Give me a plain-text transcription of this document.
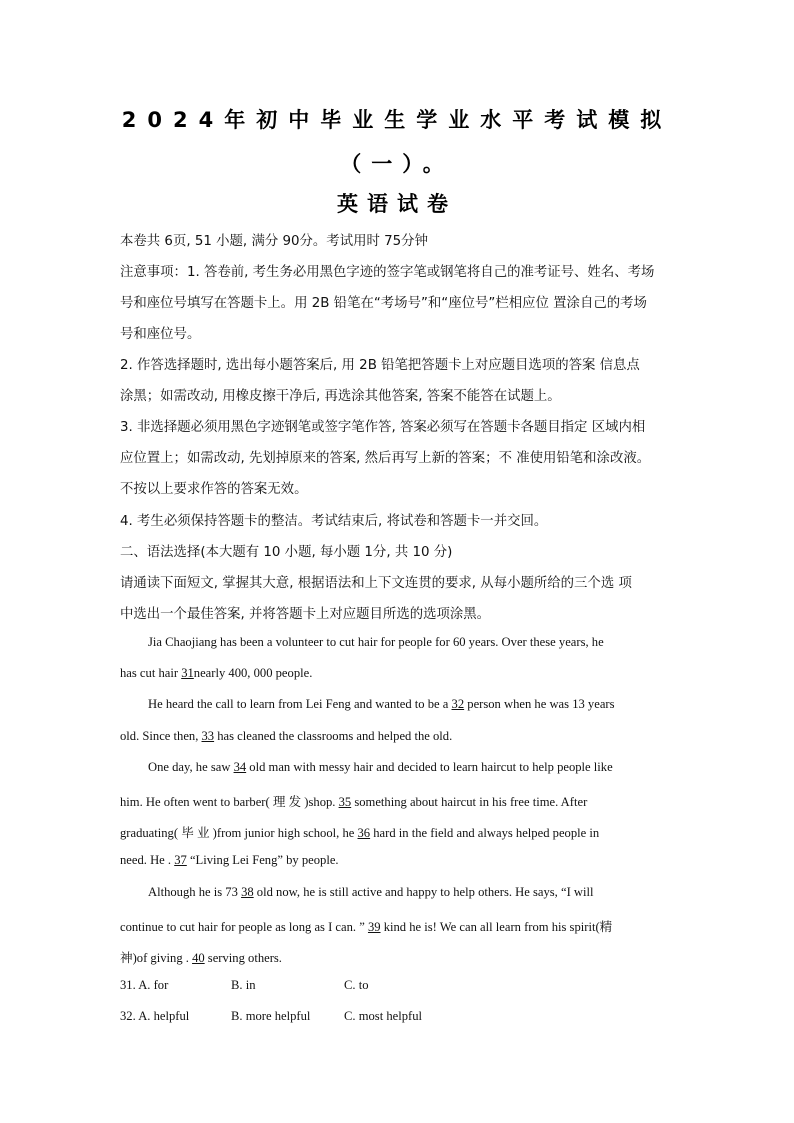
2024年初中毕业生学业水平考试模拟
（一）。
英语试卷
本卷共 6页, 51 小题, 满分 90分。考试用时 75分钟
注意事项：1. 答卷前, 考生务必用黑色字迹的签字笔或钢笔将自己的准考证号、姓名、考场
号和座位号填写在答题卡上。用 2B 铅笔在“考场号”和“座位号”栏相应位 置涂自己的考场
号和座位号。
2. 作答选择题时, 选出每小题答案后, 用 2B 铅笔把答题卡上对应题目选项的答案 信息点
涂黑；如需改动, 用橡皮擦干净后, 再选涂其他答案, 答案不能答在试题上。
3. 非选择题必须用黑色字迹钢笔或签字笔作答, 答案必须写在答题卡各题目指定 区域内相
应位置上；如需改动, 先划掉原来的答案, 然后再写上新的答案；不 准使用铅笔和涂改液。
不按以上要求作答的答案无效。
4. 考生必须保持答题卡的整洁。考试结束后, 将试卷和答题卡一并交回。
二、语法选择(本大题有 10 小题, 每小题 1分, 共 10 分)
请通读下面短文, 掌握其大意, 根据语法和上下文连贯的要求, 从每小题所给的三个选 项
中选出一个最佳答案, 并将答题卡上对应题目所选的选项涂黑。
Jia Chaojiang has been a volunteer to cut hair for people for 60 years. Over these years, he
has cut hair 31nearly 400, 000 people.
He heard the call to learn from Lei Feng and wanted to be a 32 person when he was 13 years
old. Since then, 33 has cleaned the classrooms and helped the old.
One day, he saw 34 old man with messy hair and decided to learn haircut to help people like
him. He often went to barber( 理 发 )shop. 35 something about haircut in his free time. After
graduating( 毕 业 )from junior high school, he 36 hard in the field and always helped people in
need. He . 37 “Living Lei Feng” by people.
Although he is 73 38 old now, he is still active and happy to help others. He says, “I will
continue to cut hair for people as long as I can. ” 39 kind he is! We can all learn from his spirit(精
神)of giving . 40 serving others.
31. A. for	B. in	C. to
32. A. helpful	B. more helpful	C. most helpful
